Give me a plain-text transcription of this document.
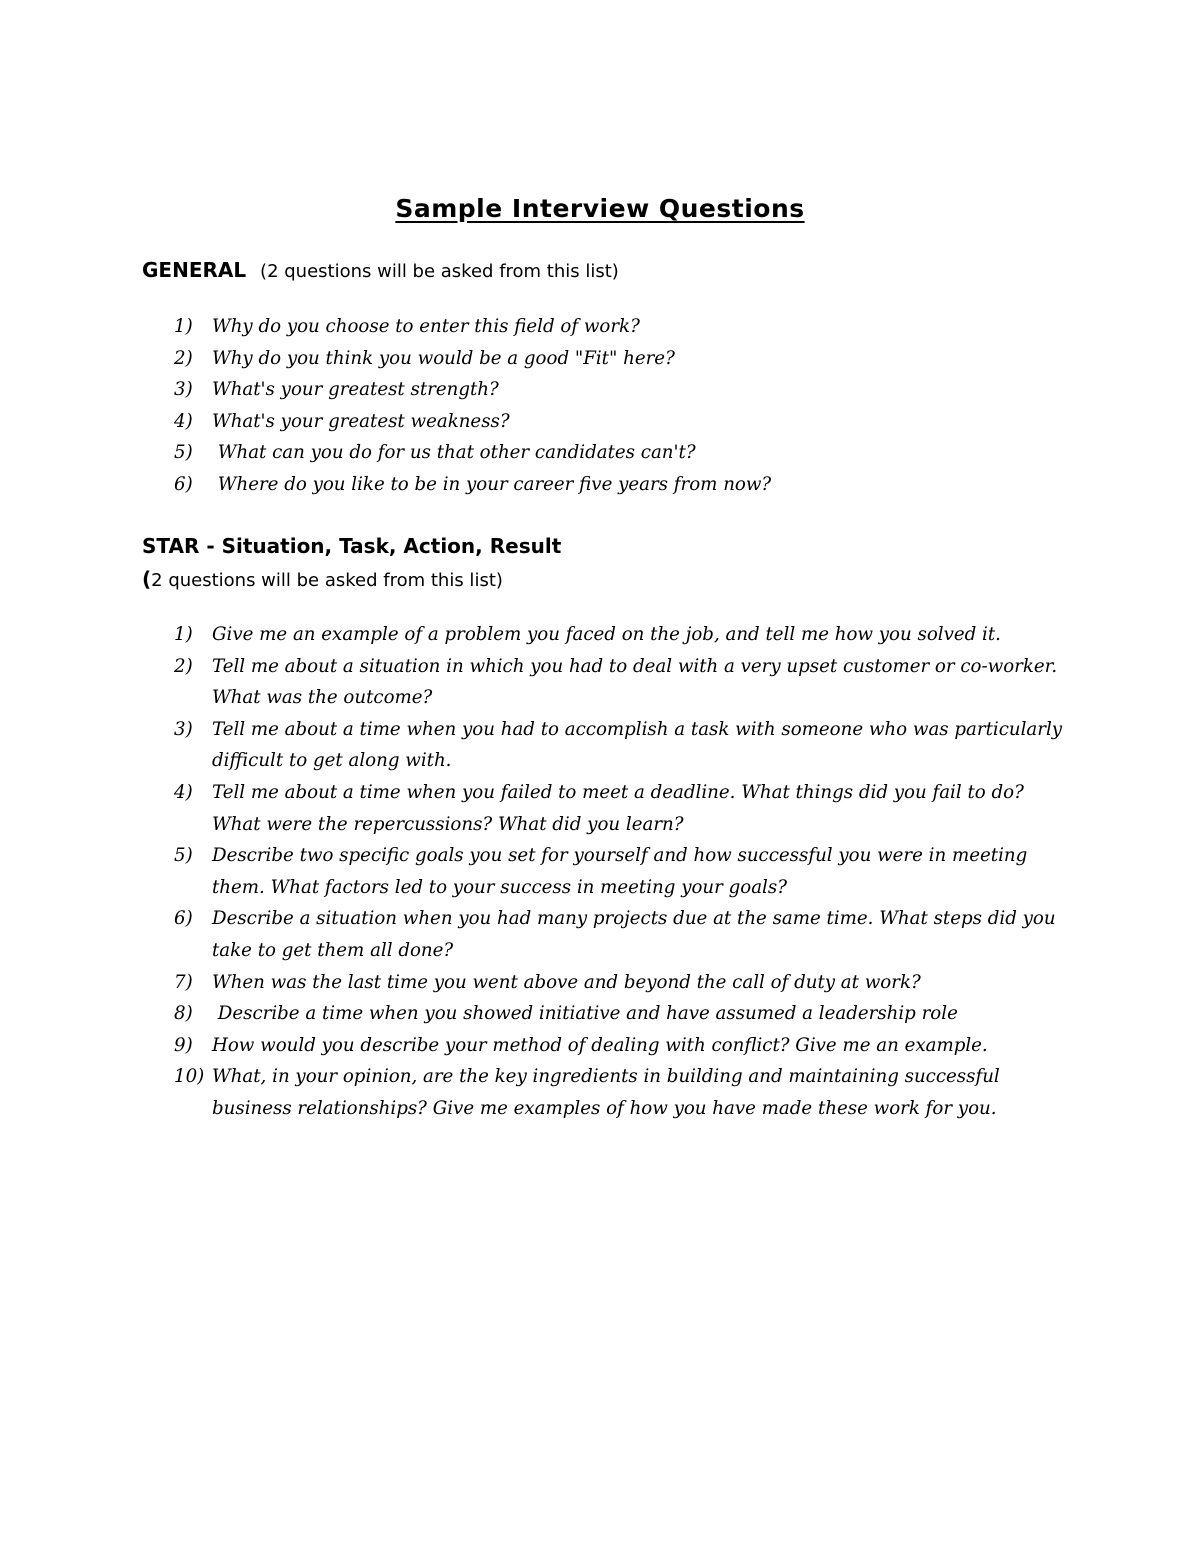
Sample Interview Questions
GENERAL (2 questions will be asked from this list)
1) Why do you choose to enter this field of work?
2) Why do you think you would be a good "Fit" here?
3) What's your greatest strength?
4) What's your greatest weakness?
5) What can you do for us that other candidates can't?
6) Where do you like to be in your career five years from now?
STAR - Situation, Task, Action, Result
(2 questions will be asked from this list)
1) Give me an example of a problem you faced on the job, and tell me how you solved it.
2) Tell me about a situation in which you had to deal with a very upset customer or co-worker. What was the outcome?
3) Tell me about a time when you had to accomplish a task with someone who was particularly difficult to get along with.
4) Tell me about a time when you failed to meet a deadline. What things did you fail to do? What were the repercussions? What did you learn?
5) Describe two specific goals you set for yourself and how successful you were in meeting them. What factors led to your success in meeting your goals?
6) Describe a situation when you had many projects due at the same time. What steps did you take to get them all done?
7) When was the last time you went above and beyond the call of duty at work?
8) Describe a time when you showed initiative and have assumed a leadership role
9) How would you describe your method of dealing with conflict? Give me an example.
10) What, in your opinion, are the key ingredients in building and maintaining successful business relationships? Give me examples of how you have made these work for you.
